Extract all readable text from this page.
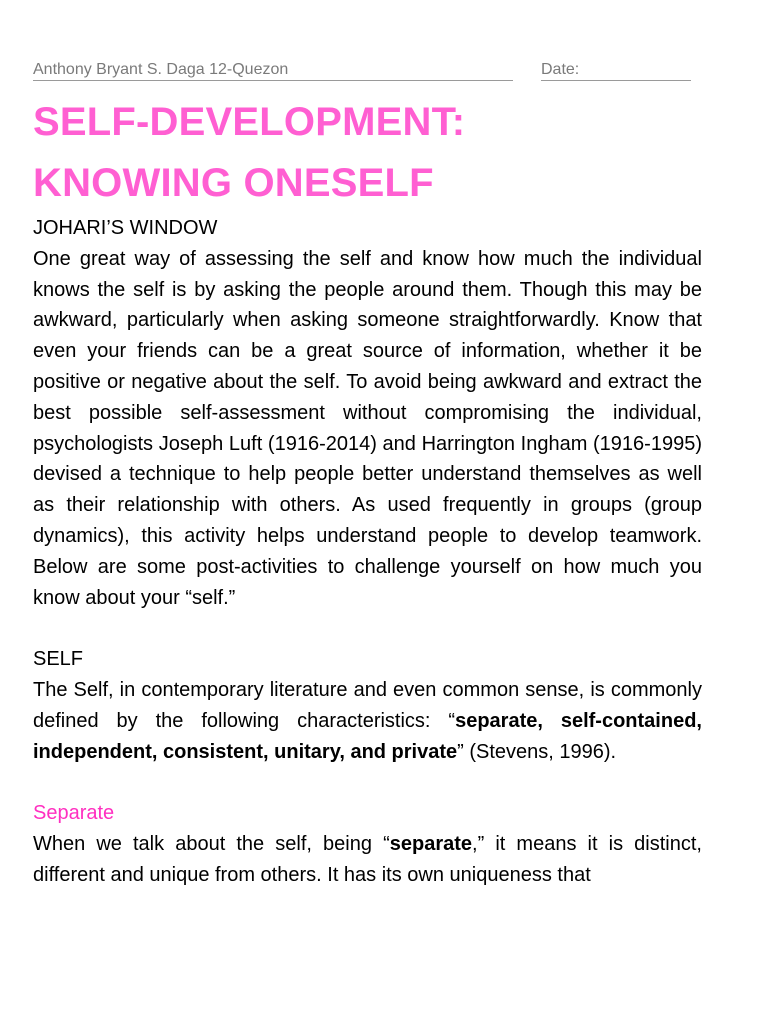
Anthony Bryant S. Daga 12-Quezon	Date:
SELF-DEVELOPMENT:
KNOWING ONESELF
JOHARI’S WINDOW

One great way of assessing the self and know how much the individual knows the self is by asking the people around them. Though this may be awkward, particularly when asking someone straightforwardly. Know that even your friends can be a great source of information, whether it be positive or negative about the self. To avoid being awkward and extract the best possible self-assessment without compromising the individual, psychologists Joseph Luft (1916-2014) and Harrington Ingham (1916-1995) devised a technique to help people better understand themselves as well as their relationship with others. As used frequently in groups (group dynamics), this activity helps understand people to develop teamwork. Below are some post-activities to challenge yourself on how much you know about your “self.”

SELF

The Self, in contemporary literature and even common sense, is commonly defined by the following characteristics: “separate, self-contained, independent, consistent, unitary, and private” (Stevens, 1996).

Separate

When we talk about the self, being “separate,” it means it is distinct, different and unique from others. It has its own uniqueness that
